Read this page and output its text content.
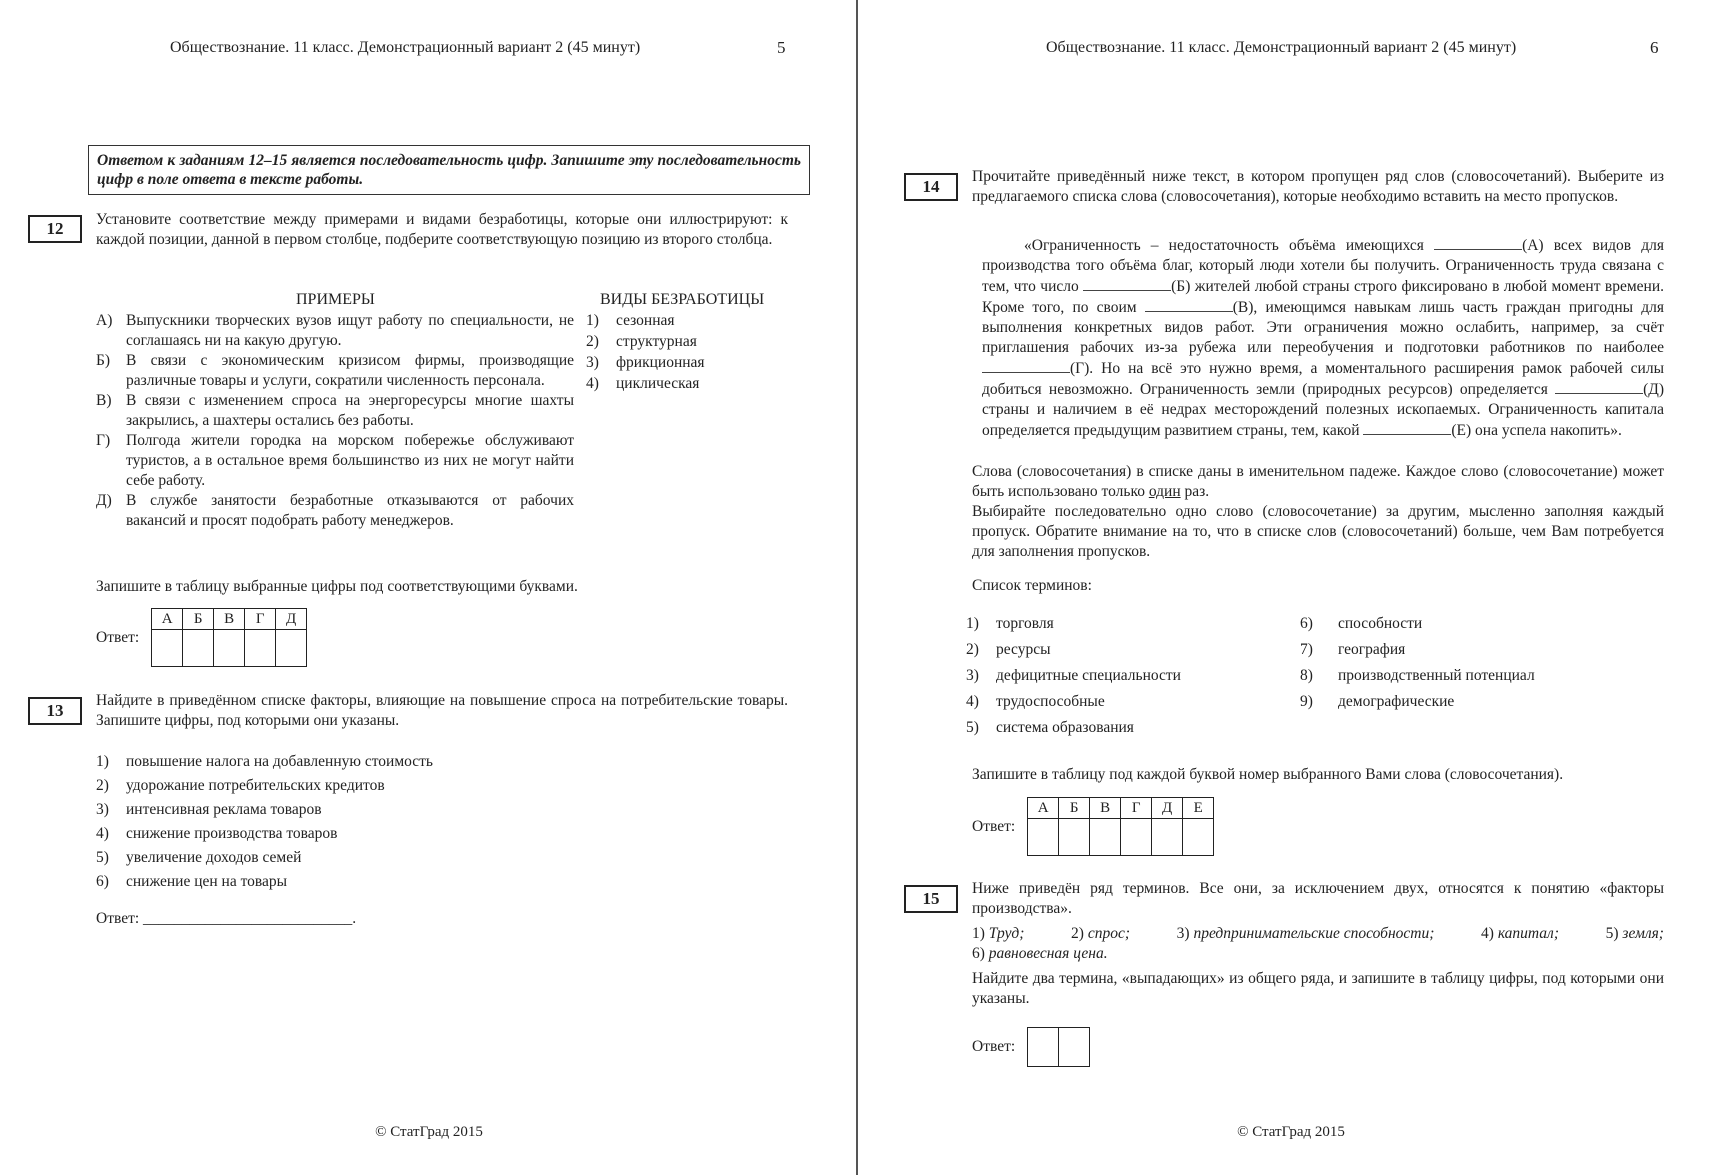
Обществознание. 11 класс. Демонстрационный вариант 2 (45 минут)	5
Ответом к заданиям 12–15 является последовательность цифр. Запишите эту последовательность цифр в поле ответа в тексте работы.
12	Установите соответствие между примерами и видами безработицы, которые они иллюстрируют: к каждой позиции, данной в первом столбце, подберите соответствующую позицию из второго столбца.
ПРИМЕРЫ	ВИДЫ БЕЗРАБОТИЦЫ
А) Выпускники творческих вузов ищут работу по специальности, не соглашаясь ни на какую другую.
Б)	В связи с экономическим кризисом фирмы, производящие различные товары и услуги, сократили численность персонала.
В) В связи с изменением спроса на энергоресурсы многие шахты закрылись, а шахтеры остались без работы.
Г)	Полгода жители городка на морском побережье обслуживают туристов, а в остальное время большинство из них не могут найти себе работу.
Д) В службе занятости безработные отказываются от рабочих вакансий и просят подобрать работу менеджеров.
1)	сезонная
2)	структурная
3)	фрикционная
4)	циклическая
Запишите в таблицу выбранные цифры под соответствующими буквами.
Ответ:
А	Б	В	Г	Д

13
Найдите в приведённом списке факторы, влияющие на повышение спроса на потребительские товары. Запишите цифры, под которыми они указаны.
1)	повышение налога на добавленную стоимость
2)	удорожание потребительских кредитов
3)	интенсивная реклама товаров
4)	снижение производства товаров
5)	увеличение доходов семей
6)	снижение цен на товары
Ответ: ___________________________.
© СтатГрад 2015
Обществознание. 11 класс. Демонстрационный вариант 2 (45 минут)	6
14
Прочитайте приведённый ниже текст, в котором пропущен ряд слов (словосочетаний). Выберите из предлагаемого списка слова (словосочетания), которые необходимо вставить на место пропусков.
«Ограниченность – недостаточность объёма имеющихся	(А) всех видов для производства того объёма благ, который люди хотели бы получить. Ограниченность труда связана с тем, что число	(Б) жителей любой страны строго фиксировано в любой момент времени. Кроме того, по своим	(В), имеющимся навыкам лишь часть граждан пригодны для выполнения конкретных видов работ. Эти ограничения можно ослабить, например, за счёт приглашения рабочих из-за рубежа или переобучения и подготовки работников по наиболее (Г). Но на всё это нужно время, а моментального расширения рамок рабочей силы добиться невозможно. Ограниченность земли (природных ресурсов) определяется	(Д) страны и наличием в её недрах месторождений полезных ископаемых. Ограниченность капитала определяется предыдущим развитием страны, тем, какой	(Е) она успела накопить».
Слова (словосочетания) в списке даны в именительном падеже. Каждое слово (словосочетание) может быть использовано только один раз.
Выбирайте последовательно одно слово (словосочетание) за другим, мысленно заполняя каждый пропуск. Обратите внимание на то, что в списке слов (словосочетаний) больше, чем Вам потребуется для заполнения пропусков.
Список терминов:
1)	торговля
2)	ресурсы
3)	дефицитные специальности
4)	трудоспособные
5)	система образования
6)	способности
7)	география
8)	производственный потенциал
9)	демографические
Запишите в таблицу под каждой буквой номер выбранного Вами слова (словосочетания).
Ответ:
А	Б	В	Г	Д	Е

15
Ниже приведён ряд терминов. Все они, за исключением двух, относятся к понятию «факторы производства».
1) Труд;	2) спрос;	3) предпринимательские способности;	4) капитал;	5) земля;
6) равновесная цена.
Найдите два термина, «выпадающих» из общего ряда, и запишите в таблицу цифры, под которыми они указаны.
Ответ:

© СтатГрад 2015
